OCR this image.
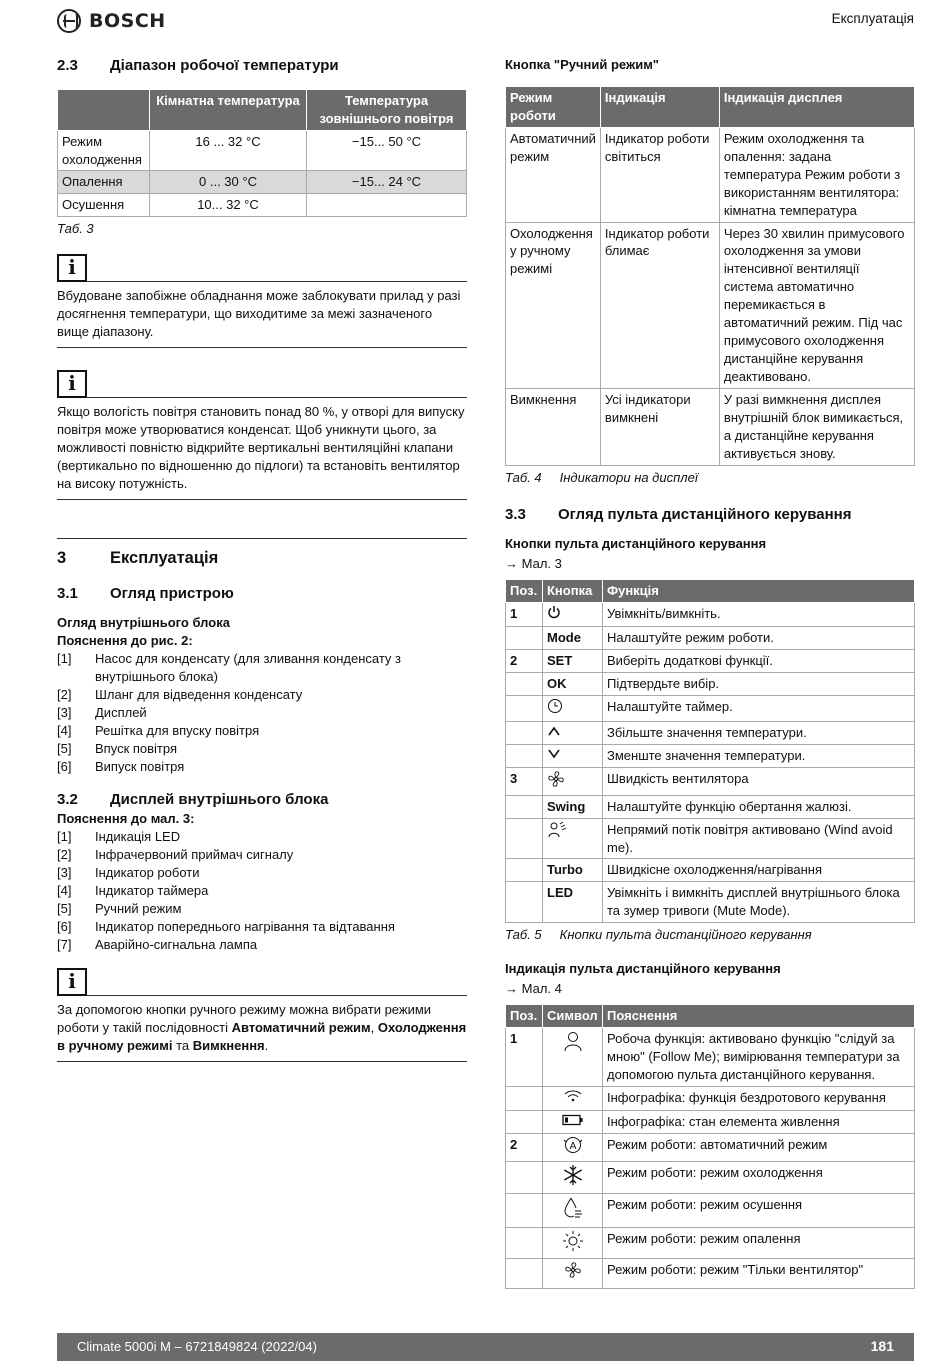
BOSCH	Експлуатація
2.3	Діапазон робочої температури
	Кімнатна температура	Температура зовнішнього повітря
Режим охолодження	16 ... 32 °C	−15... 50 °C
Опалення	0 ... 30 °C	−15... 24 °C
Осушення	10... 32 °C	
Таб. 3
i

Вбудоване запобіжне обладнання може заблокувати прилад у разі досягнення температури, що виходитиме за межі зазначеного вище діапазону.

i

Якщо вологість повітря становить понад 80 %, у отворі для випуску повітря може утворюватися конденсат. Щоб уникнути цього, за можливості повністю відкрийте вертикальні вентиляційні клапани (вертикально по відношенню до підлоги) та встановіть вентилятор на високу потужність.

3	Експлуатація
3.1	Огляд пристрою
Огляд внутрішнього блока
Пояснення до рис. 2:
[1]	Насос для конденсату (для зливання конденсату з внутрішнього блока)
[2]	Шланг для відведення конденсату
[3]	Дисплей
[4]	Решітка для впуску повітря
[5]	Впуск повітря
[6]	Випуск повітря
3.2	Дисплей внутрішнього блока
Пояснення до мал. 3:
[1]	Індикація LED
[2]	Інфрачервоний приймач сигналу
[3]	Індикатор роботи
[4]	Індикатор таймера
[5]	Ручний режим
[6]	Індикатор попереднього нагрівання та відтавання
[7]	Аварійно-сигнальна лампа
i

За допомогою кнопки ручного режиму можна вибрати режими роботи у такій послідовності Автоматичний режим, Охолодження в ручному режимі та Вимкнення.

Кнопка "Ручний режим"
Режим роботи	Індикація	Індикація дисплея
Автоматичний режим	Індикатор роботи світиться	Режим охолодження та опалення: задана температура Режим роботи з використанням вентилятора: кімнатна температура
Охолодження у ручному режимі	Індикатор роботи блимає	Через 30 хвилин примусового охолодження за умови інтенсивної вентиляції система автоматично перемикається в автоматичний режим. Під час примусового охолодження дистанційне керування деактивовано.
Вимкнення	Усі індикатори вимкнені	У разі вимкнення дисплея внутрішній блок вимикається, а дистанційне керування активується знову.
Таб. 4 Індикатори на дисплеї
3.3	Огляд пульта дистанційного керування
Кнопки пульта дистанційного керування
→ Мал. 3
Поз.	Кнопка	Функція
1		Увімкніть/вимкніть.
	Mode	Налаштуйте режим роботи.
2	SET	Виберіть додаткові функції.
	OK	Підтвердьте вибір.
		Налаштуйте таймер.
		Збільште значення температури.
		Зменште значення температури.
3		Швидкість вентилятора
	Swing	Налаштуйте функцію обертання жалюзі.
		Непрямий потік повітря активовано (Wind avoid me).
	Turbo	Швидкісне охолодження/нагрівання
	LED	Увімкніть і вимкніть дисплей внутрішнього блока та зумер тривоги (Mute Mode).
Таб. 5 Кнопки пульта дистанційного керування
Індикація пульта дистанційного керування
→ Мал. 4
Поз.	Символ	Пояснення
1		Робоча функція: активовано функцію "слідуй за мною" (Follow Me); вимірювання температури за допомогою пульта дистанційного керування.
		Інфографіка: функція бездротового керування
		Інфографіка: стан елемента живлення
2	A	Режим роботи: автоматичний режим
		Режим роботи: режим охолодження
		Режим роботи: режим осушення
		Режим роботи: режим опалення
		Режим роботи: режим "Тільки вентилятор"
Climate 5000i M – 6721849824 (2022/04)	181
